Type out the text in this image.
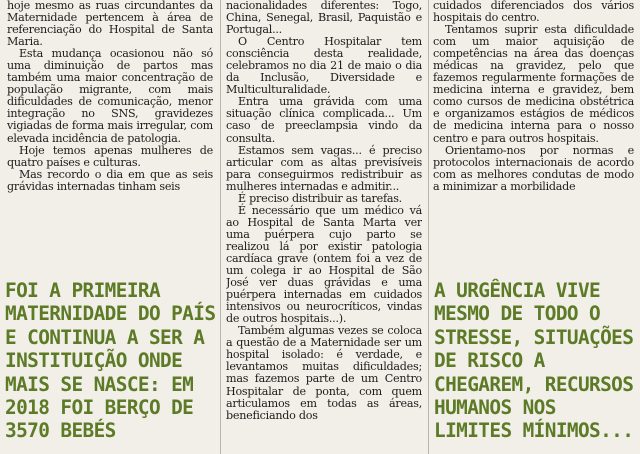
hoje mesmo as ruas circundantes da Maternidade pertencem à área de referenciação do Hospital de Santa Maria.

Esta mudança ocasionou não só uma diminuição de partos mas também uma maior concentração de população migrante, com mais dificuldades de comunicação, menor integração no SNS, gravidezes vigiadas de forma mais irregular, com elevada incidência de patologia.

Hoje temos apenas mulheres de quatro países e culturas.

Mas recordo o dia em que as seis grávidas internadas tinham seis

nacionalidades diferentes: Togo, China, Senegal, Brasil, Paquistão e Portugal...

O Centro Hospitalar tem consciência desta realidade, celebramos no dia 21 de maio o dia da Inclusão, Diversidade e Multiculturalidade.

Entra uma grávida com uma situação clínica complicada... Um caso de preeclampsia vindo da consulta.

Estamos sem vagas... é preciso articular com as altas previsíveis para conseguirmos redistribuir as mulheres internadas e admitir...

É preciso distribuir as tarefas.

É necessário que um médico vá ao Hospital de Santa Marta ver uma puérpera cujo parto se realizou lá por existir patologia cardíaca grave (ontem foi a vez de um colega ir ao Hospital de São José ver duas grávidas e uma puérpera internadas em cuidados intensivos ou neurocríticos, vindas de outros hospitais...).

Também algumas vezes se coloca a questão de a Maternidade ser um hospital isolado: é verdade, e levantamos muitas dificuldades; mas fazemos parte de um Centro Hospitalar de ponta, com quem articulamos em todas as áreas, beneficiando dos

cuidados diferenciados dos vários hospitais do centro.

Tentamos suprir esta dificuldade com um maior aquisição de competências na área das doenças médicas na gravidez, pelo que fazemos regularmente formações de medicina interna e gravidez, bem como cursos de medicina obstétrica e organizamos estágios de médicos de medicina interna para o nosso centro e para outros hospitais.

Orientamo-nos por normas e protocolos internacionais de acordo com as melhores condutas de modo a minimizar a morbilidade

FOI A PRIMEIRA
MATERNIDADE DO PAÍS
E CONTINUA A SER A
INSTITUIÇÃO ONDE
MAIS SE NASCE: EM
2018 FOI BERÇO DE
3570 BEBÉS
A URGÊNCIA VIVE
MESMO DE TODO O
STRESSE, SITUAÇÕES
DE RISCO A
CHEGAREM, RECURSOS
HUMANOS NOS
LIMITES MÍNIMOS...
